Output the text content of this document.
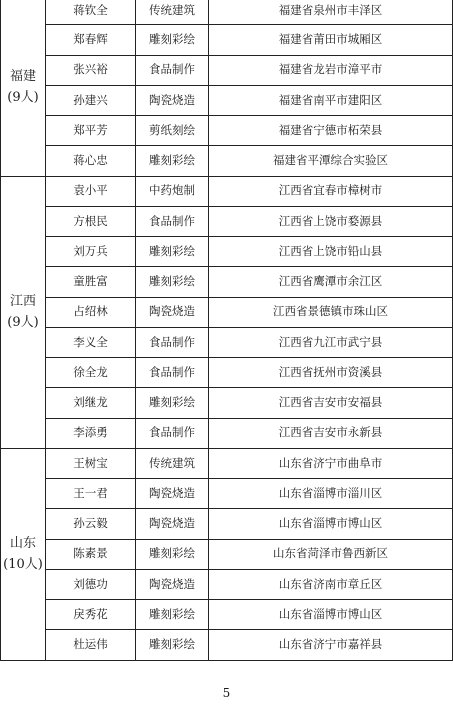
福建
(9人)	蒋钦全	传统建筑	福建省泉州市丰泽区
	郑春辉	雕刻彩绘	福建省莆田市城厢区
	张兴裕	食品制作	福建省龙岩市漳平市
	孙建兴	陶瓷烧造	福建省南平市建阳区
	郑平芳	剪纸刻绘	福建省宁德市柘荣县
	蒋心忠	雕刻彩绘	福建省平潭综合实验区

江西
(9人)	袁小平	中药炮制	江西省宜春市樟树市
	方根民	食品制作	江西省上饶市婺源县
	刘万兵	雕刻彩绘	江西省上饶市铅山县
	童胜富	雕刻彩绘	江西省鹰潭市余江区
	占绍林	陶瓷烧造	江西省景德镇市珠山区
	李义全	食品制作	江西省九江市武宁县
	徐全龙	食品制作	江西省抚州市资溪县
	刘继龙	雕刻彩绘	江西省吉安市安福县
	李添勇	食品制作	江西省吉安市永新县

山东
(10人)	王树宝	传统建筑	山东省济宁市曲阜市
	王一君	陶瓷烧造	山东省淄博市淄川区
	孙云毅	陶瓷烧造	山东省淄博市博山区
	陈素景	雕刻彩绘	山东省菏泽市鲁西新区
	刘德功	陶瓷烧造	山东省济南市章丘区
	戾秀花	雕刻彩绘	山东省淄博市博山区
	杜运伟	雕刻彩绘	山东省济宁市嘉祥县
5
